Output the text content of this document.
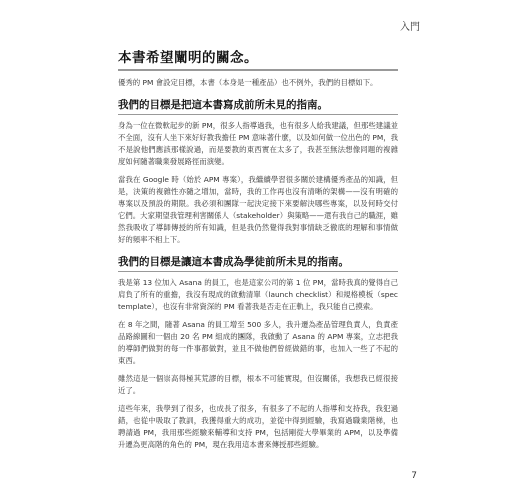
入門
本書希望闡明的關念。

優秀的 PM 會設定目標，本書（本身是一種產品）也不例外，我們的目標如下。

我們的目標是把這本書寫成前所未見的指南。

身為一位在微軟起步的新 PM，很多人指導過我，也有很多人給我建議，但那些建議並不全面，沒有人坐下來好好教我擔任 PM 意味著什麼，以及如何做一位出色的 PM，我不是說他們應該那樣說過，而是要教的東西實在太多了，我甚至無法想像同題的複雜度如何隨著職業發展路徑而演變。

當我在 Google 時（始於 APM 專案），我繼續學習很多關於建構優秀產品的知識，但是，決策的複雜性亦隨之增加，當時，我的工作再也沒有清晰的架構——沒有明確的專案以及預設的期限。我必須和團隊一起決定接下來要解決哪些專案，以及何時交付它們。大家期望我管理利害關係人（stakeholder）與策略——還有我自己的職涯，雖然我吸收了導師傳授的所有知識，但是我仍然覺得我對事情缺乏徹底的理解和事情做好的頻率不相上下。

我們的目標是讓這本書成為學徒前所未見的指南。

我是第 13 位加入 Asana 的員工，也是這家公司的第 1 位 PM，當時我真的覺得自己肩負了所有的重擔，我沒有現成的啟動清單（launch checklist）和規格模板（spec template），也沒有非常資深的 PM 看著我是否走在正軌上，我只能自己摸索。

在 8 年之間，隨著 Asana 的員工增至 500 多人，我升遷為產品管理負責人，負責產品路線圖和一個由 20 名 PM 組成的團隊，我啟動了 Asana 的 APM 專案，立志把我的導師們做對的每一件事都做對，並且不做他們曾經做錯的事，也加入一些了不起的東西。

雖然這是一個崇高得極其荒謬的目標，根本不可能實現，但沒關係，我想我已經很接近了。

這些年來，我學到了很多，也成長了很多，有很多了不起的人指導和支持我，我犯過錯，也從中吸取了教訓，我獲得重大的成功，並從中得到經驗，我寫過職業階梯，也聘請過 PM，我用那些經驗來輔導和支持 PM，包括剛從大學畢業的 APM，以及準備升遷為更高階的角色的 PM，現在我用這本書來傳授那些經驗。

7
